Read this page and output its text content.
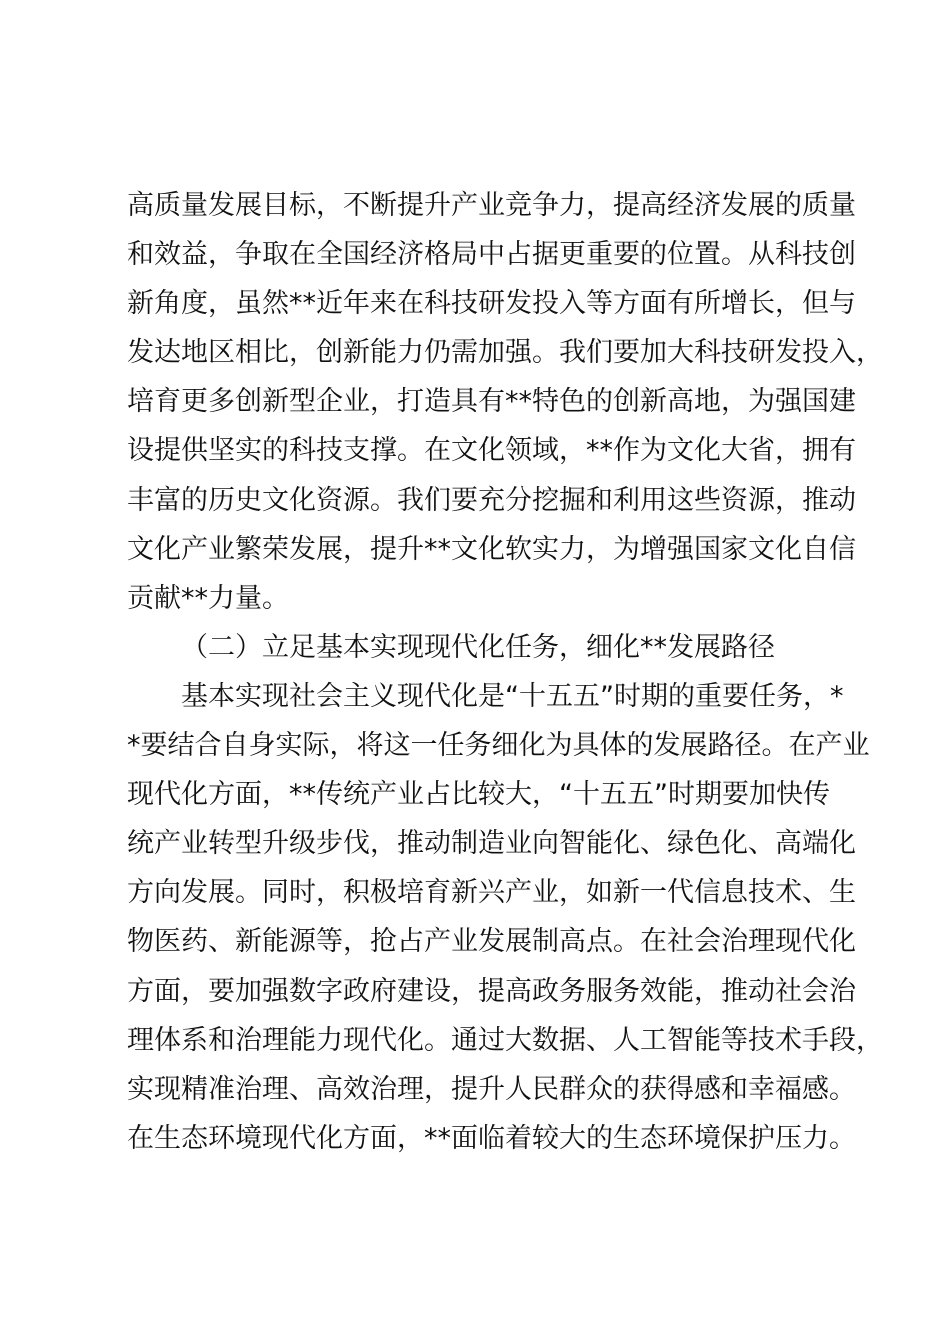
高质量发展目标，不断提升产业竞争力，提高经济发展的质量
和效益，争取在全国经济格局中占据更重要的位置。从科技创
新角度，虽然**近年来在科技研发投入等方面有所增长，但与
发达地区相比，创新能力仍需加强。我们要加大科技研发投入，
培育更多创新型企业，打造具有**特色的创新高地，为强国建
设提供坚实的科技支撑。在文化领域，**作为文化大省，拥有
丰富的历史文化资源。我们要充分挖掘和利用这些资源，推动
文化产业繁荣发展，提升**文化软实力，为增强国家文化自信
贡献**力量。
（二）立足基本实现现代化任务，细化**发展路径
基本实现社会主义现代化是“十五五”时期的重要任务，*
*要结合自身实际，将这一任务细化为具体的发展路径。在产业
现代化方面，**传统产业占比较大，“十五五”时期要加快传
统产业转型升级步伐，推动制造业向智能化、绿色化、高端化
方向发展。同时，积极培育新兴产业，如新一代信息技术、生
物医药、新能源等，抢占产业发展制高点。在社会治理现代化
方面，要加强数字政府建设，提高政务服务效能，推动社会治
理体系和治理能力现代化。通过大数据、人工智能等技术手段，
实现精准治理、高效治理，提升人民群众的获得感和幸福感。
在生态环境现代化方面，**面临着较大的生态环境保护压力。
